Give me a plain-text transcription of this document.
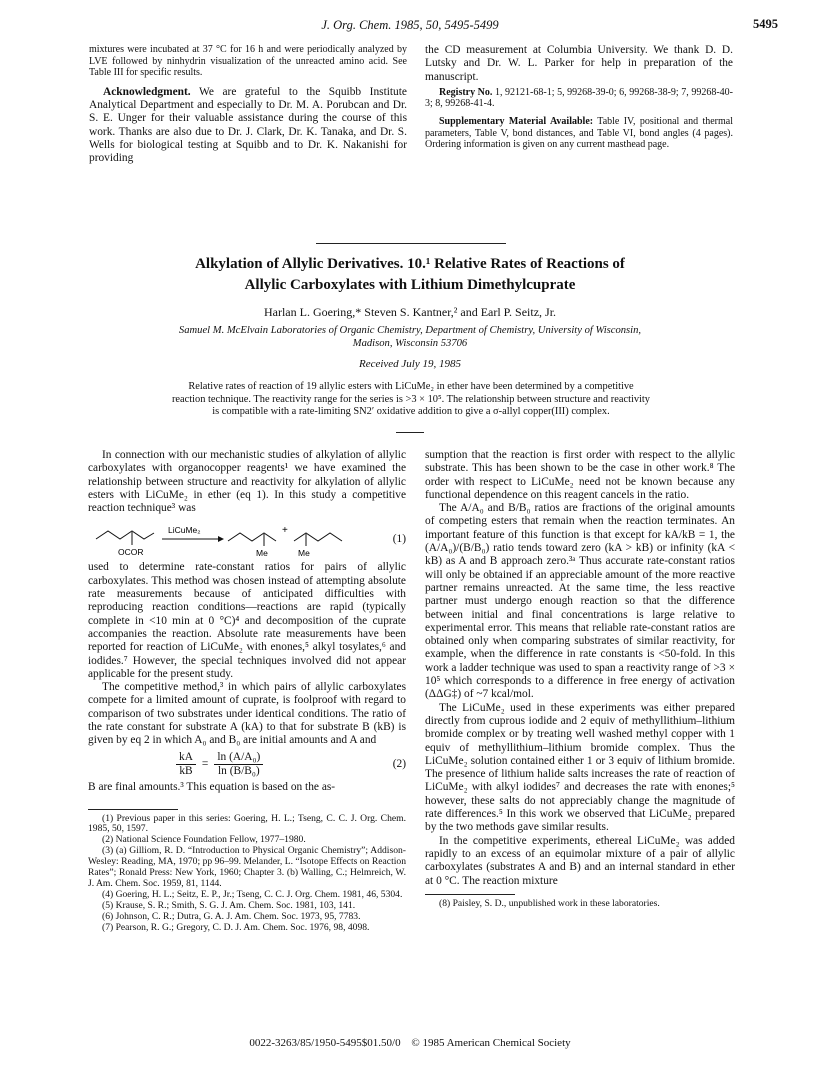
J. Org. Chem. 1985, 50, 5495-5499	5495

mixtures were incubated at 37 °C for 16 h and were periodically analyzed by LVE followed by ninhydrin visualization of the unreacted amino acid. See Table III for specific results.

Acknowledgment. We are grateful to the Squibb Institute Analytical Department and especially to Dr. M. A. Porubcan and Dr. S. E. Unger for their valuable assistance during the course of this work. Thanks are also due to Dr. J. Clark, Dr. K. Tanaka, and Dr. S. Wells for biological testing at Squibb and to Dr. K. Nakanishi for providing

the CD measurement at Columbia University. We thank D. D. Lutsky and Dr. W. L. Parker for help in preparation of the manuscript.

Registry No. 1, 92121-68-1; 5, 99268-39-0; 6, 99268-38-9; 7, 99268-40-3; 8, 99268-41-4.

Supplementary Material Available: Table IV, positional and thermal parameters, Table V, bond distances, and Table VI, bond angles (4 pages). Ordering information is given on any current masthead page.

Alkylation of Allylic Derivatives. 10.¹ Relative Rates of Reactions of
Allylic Carboxylates with Lithium Dimethylcuprate
Harlan L. Goering,* Steven S. Kantner,² and Earl P. Seitz, Jr.
Samuel M. McElvain Laboratories of Organic Chemistry, Department of Chemistry, University of Wisconsin,
Madison, Wisconsin 53706
Received July 19, 1985
Relative rates of reaction of 19 allylic esters with LiCuMe₂ in ether have been determined by a competitive
reaction technique. The reactivity range for the series is >3 × 10⁵. The relationship between structure and reactivity
is compatible with a rate-limiting SN2′ oxidative addition to give a σ-allyl copper(III) complex.

In connection with our mechanistic studies of alkylation of allylic carboxylates with organocopper reagents¹ we have examined the relationship between structure and reactivity for alkylation of allylic esters with LiCuMe₂ in ether (eq 1). In this study a competitive reaction technique³ was

OCOR
LiCuMe₂
Me
+
Me
(1)

used to determine rate-constant ratios for pairs of allylic carboxylates. This method was chosen instead of attempting absolute rate measurements because of anticipated difficulties with reproducing reaction conditions—reactions are rapid (typically complete in <10 min at 0 °C)⁴ and decomposition of the cuprate accompanies the reaction. Absolute rate measurements have been reported for reaction of LiCuMe₂ with enones,⁵ alkyl tosylates,⁶ and iodides.⁷ However, the special techniques involved did not appear applicable for the present study.

The competitive method,³ in which pairs of allylic carboxylates compete for a limited amount of cuprate, is foolproof with regard to comparison of two substrates under identical conditions. The ratio of the rate constant for substrate A (kA) to that for substrate B (kB) is given by eq 2 in which A₀ and B₀ are initial amounts and A and

$\frac{kA}{kB} = \frac{\text{ln (A/A₀)}}{\text{ln (B/B₀)}}$	(2)

B are final amounts.³ This equation is based on the as-

(1) Previous paper in this series: Goering, H. L.; Tseng, C. C. J. Org. Chem. 1985, 50, 1597.

(2) National Science Foundation Fellow, 1977–1980.

(3) (a) Gilliom, R. D. “Introduction to Physical Organic Chemistry”; Addison-Wesley: Reading, MA, 1970; pp 96–99. Melander, L. “Isotope Effects on Reaction Rates”; Ronald Press: New York, 1960; Chapter 3. (b) Walling, C.; Helmreich, W. J. Am. Chem. Soc. 1959, 81, 1144.

(4) Goering, H. L.; Seitz, E. P., Jr.; Tseng, C. C. J. Org. Chem. 1981, 46, 5304.

(5) Krause, S. R.; Smith, S. G. J. Am. Chem. Soc. 1981, 103, 141.

(6) Johnson, C. R.; Dutra, G. A. J. Am. Chem. Soc. 1973, 95, 7783.

(7) Pearson, R. G.; Gregory, C. D. J. Am. Chem. Soc. 1976, 98, 4098.

sumption that the reaction is first order with respect to the allylic substrate. This has been shown to be the case in other work.⁸ The order with respect to LiCuMe₂ need not be known because any functional dependence on this reagent cancels in the ratio.

The A/A₀ and B/B₀ ratios are fractions of the original amounts of competing esters that remain when the reaction terminates. An important feature of this function is that except for kA/kB = 1, the (A/A₀)/(B/B₀) ratio tends toward zero (kA > kB) or infinity (kA < kB) as A and B approach zero.³ᵃ Thus accurate rate-constant ratios will only be obtained if an appreciable amount of the more reactive partner remains unreacted. At the same time, the less reactive partner must undergo enough reaction so that the difference between initial and final concentrations is large relative to experimental error. This means that reliable rate-constant ratios are obtained only when comparing substrates of similar reactivity, for example, when the difference in rate constants is <50-fold. In this work a ladder technique was used to span a reactivity range of >3 × 10⁵ which corresponds to a difference in free energy of activation (ΔΔG‡) of ~7 kcal/mol.

The LiCuMe₂ used in these experiments was either prepared directly from cuprous iodide and 2 equiv of methyllithium–lithium bromide complex or by treating well washed methyl copper with 1 equiv of methyllithium–lithium bromide complex. Thus the LiCuMe₂ solution contained either 1 or 3 equiv of lithium bromide. The presence of lithium halide salts increases the rate of reaction of LiCuMe₂ with alkyl iodides⁷ and decreases the rate with enones;⁵ however, these salts do not appreciably change the magnitude of rate differences.⁵ In this work we observed that LiCuMe₂ prepared by the two methods gave similar results.

In the competitive experiments, ethereal LiCuMe₂ was added rapidly to an excess of an equimolar mixture of a pair of allylic carboxylates (substrates A and B) and an internal standard in ether at 0 °C. The reaction mixture

(8) Paisley, S. D., unpublished work in these laboratories.

0022-3263/85/1950-5495$01.50/0 © 1985 American Chemical Society
